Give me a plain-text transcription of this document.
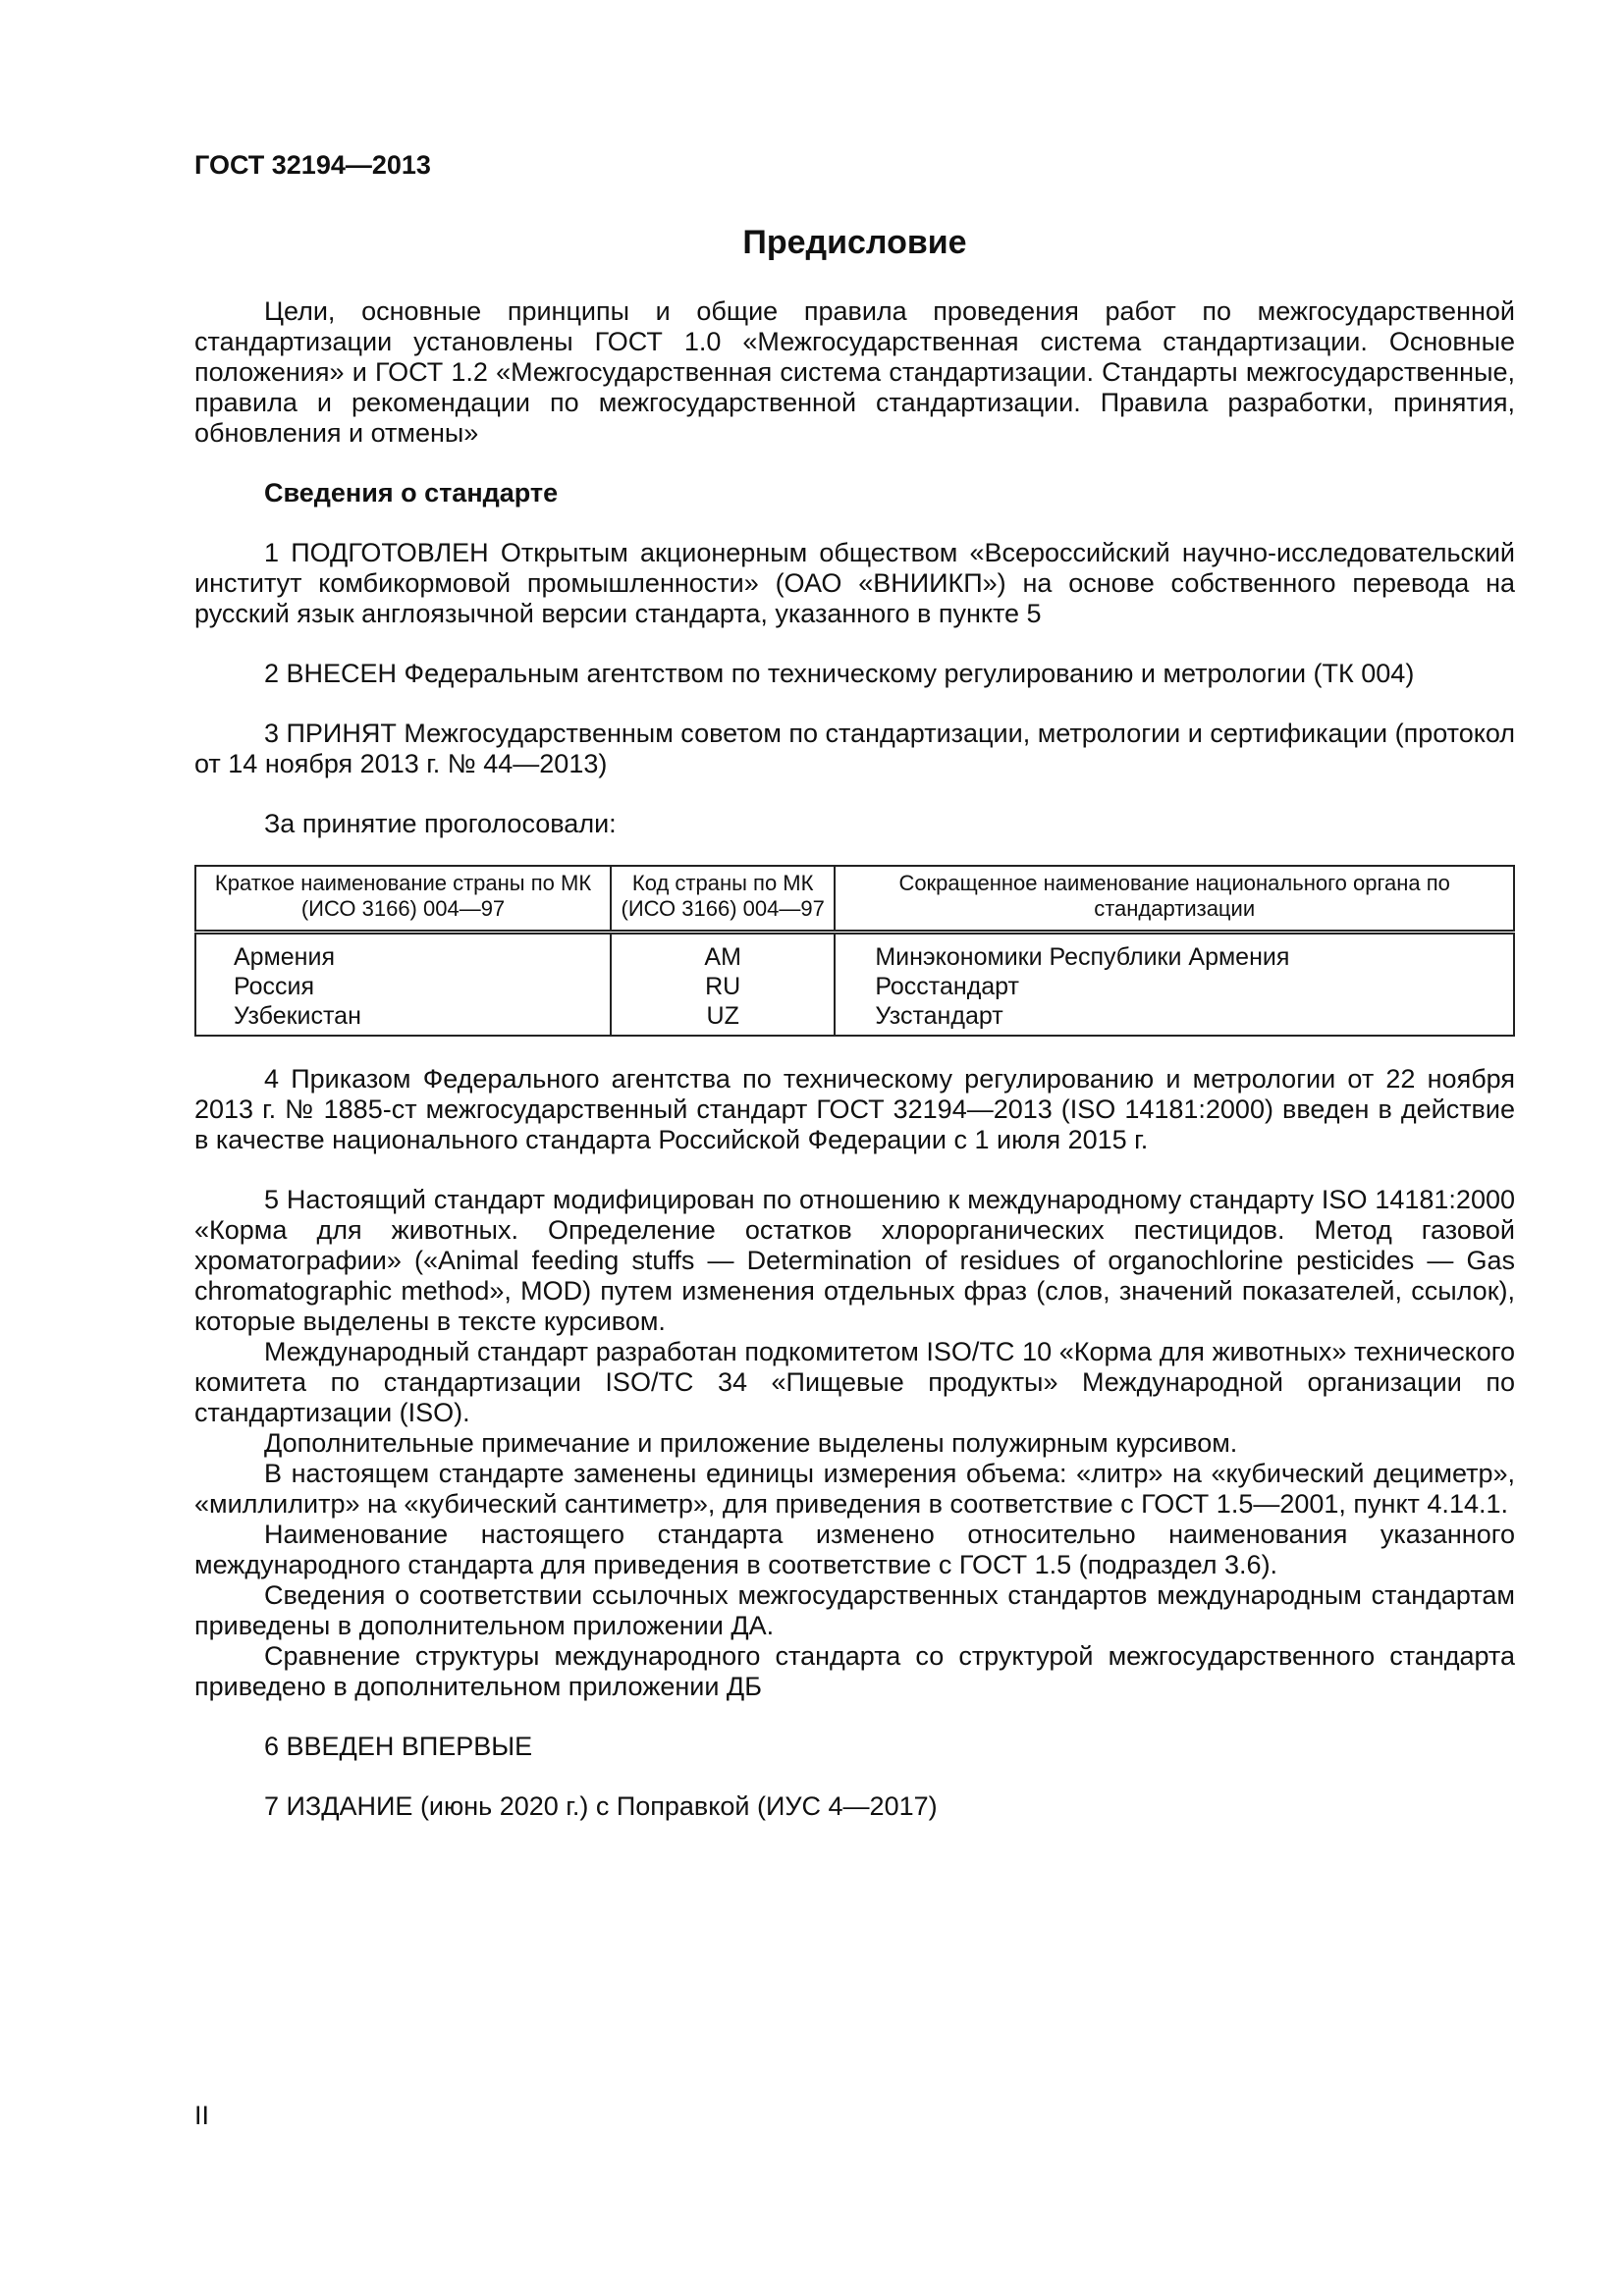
ГОСТ 32194—2013
Предисловие

Цели, основные принципы и общие правила проведения работ по межгосударственной стандартизации установлены ГОСТ 1.0 «Межгосударственная система стандартизации. Основные положения» и ГОСТ 1.2 «Межгосударственная система стандартизации. Стандарты межгосударственные, правила и рекомендации по межгосударственной стандартизации. Правила разработки, принятия, обновления и отмены»

Сведения о стандарте

1 ПОДГОТОВЛЕН Открытым акционерным обществом «Всероссийский научно-исследовательский институт комбикормовой промышленности» (ОАО «ВНИИКП») на основе собственного перевода на русский язык англоязычной версии стандарта, указанного в пункте 5

2 ВНЕСЕН Федеральным агентством по техническому регулированию и метрологии (ТК 004)

3 ПРИНЯТ Межгосударственным советом по стандартизации, метрологии и сертификации (протокол от 14 ноября 2013 г. № 44—2013)

За принятие проголосовали:

Краткое наименование страны по МК (ИСО 3166) 004—97	Код страны по МК (ИСО 3166) 004—97	Сокращенное наименование национального органа по стандартизации
Армения	AM	Минэкономики Республики Армения
Россия	RU	Росстандарт
Узбекистан	UZ	Узстандарт

4 Приказом Федерального агентства по техническому регулированию и метрологии от 22 ноября 2013 г. № 1885-ст межгосударственный стандарт ГОСТ 32194—2013 (ISO 14181:2000) введен в действие в качестве национального стандарта Российской Федерации с 1 июля 2015 г.

5 Настоящий стандарт модифицирован по отношению к международному стандарту ISO 14181:2000 «Корма для животных. Определение остатков хлорорганических пестицидов. Метод газовой хроматографии» («Animal feeding stuffs — Determination of residues of organochlorine pesticides — Gas chromatographic method», MOD) путем изменения отдельных фраз (слов, значений показателей, ссылок), которые выделены в тексте курсивом.

Международный стандарт разработан подкомитетом ISO/TC 10 «Корма для животных» технического комитета по стандартизации ISO/TC 34 «Пищевые продукты» Международной организации по стандартизации (ISO).

Дополнительные примечание и приложение выделены полужирным курсивом.

В настоящем стандарте заменены единицы измерения объема: «литр» на «кубический дециметр», «миллилитр» на «кубический сантиметр», для приведения в соответствие с ГОСТ 1.5—2001, пункт 4.14.1.

Наименование настоящего стандарта изменено относительно наименования указанного международного стандарта для приведения в соответствие с ГОСТ 1.5 (подраздел 3.6).

Сведения о соответствии ссылочных межгосударственных стандартов международным стандартам приведены в дополнительном приложении ДА.

Сравнение структуры международного стандарта со структурой межгосударственного стандарта приведено в дополнительном приложении ДБ

6 ВВЕДЕН ВПЕРВЫЕ

7 ИЗДАНИЕ (июнь 2020 г.) с Поправкой (ИУС 4—2017)

II
